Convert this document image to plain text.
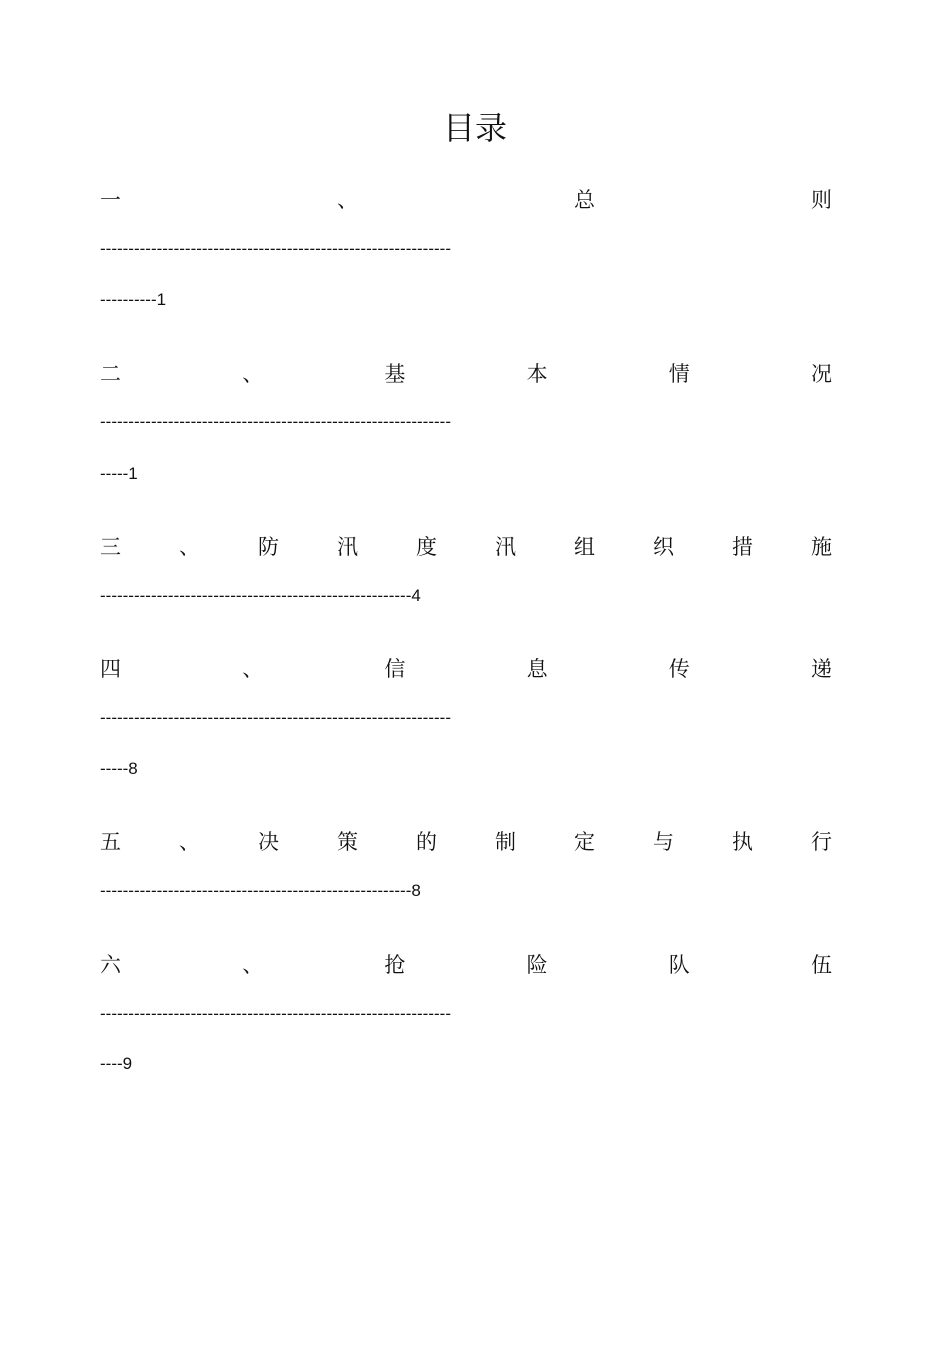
目录
一	、	总	则
--------------------------------------------------------------
----------1
二	、	基	本	情	况
--------------------------------------------------------------
-----1
三	、	防	汛	度	汛	组	织	措	施
-------------------------------------------------------4
四	、	信	息	传	递
--------------------------------------------------------------
-----8
五	、	决	策	的	制	定	与	执	行
-------------------------------------------------------8
六	、	抢	险	队	伍
--------------------------------------------------------------
----9
